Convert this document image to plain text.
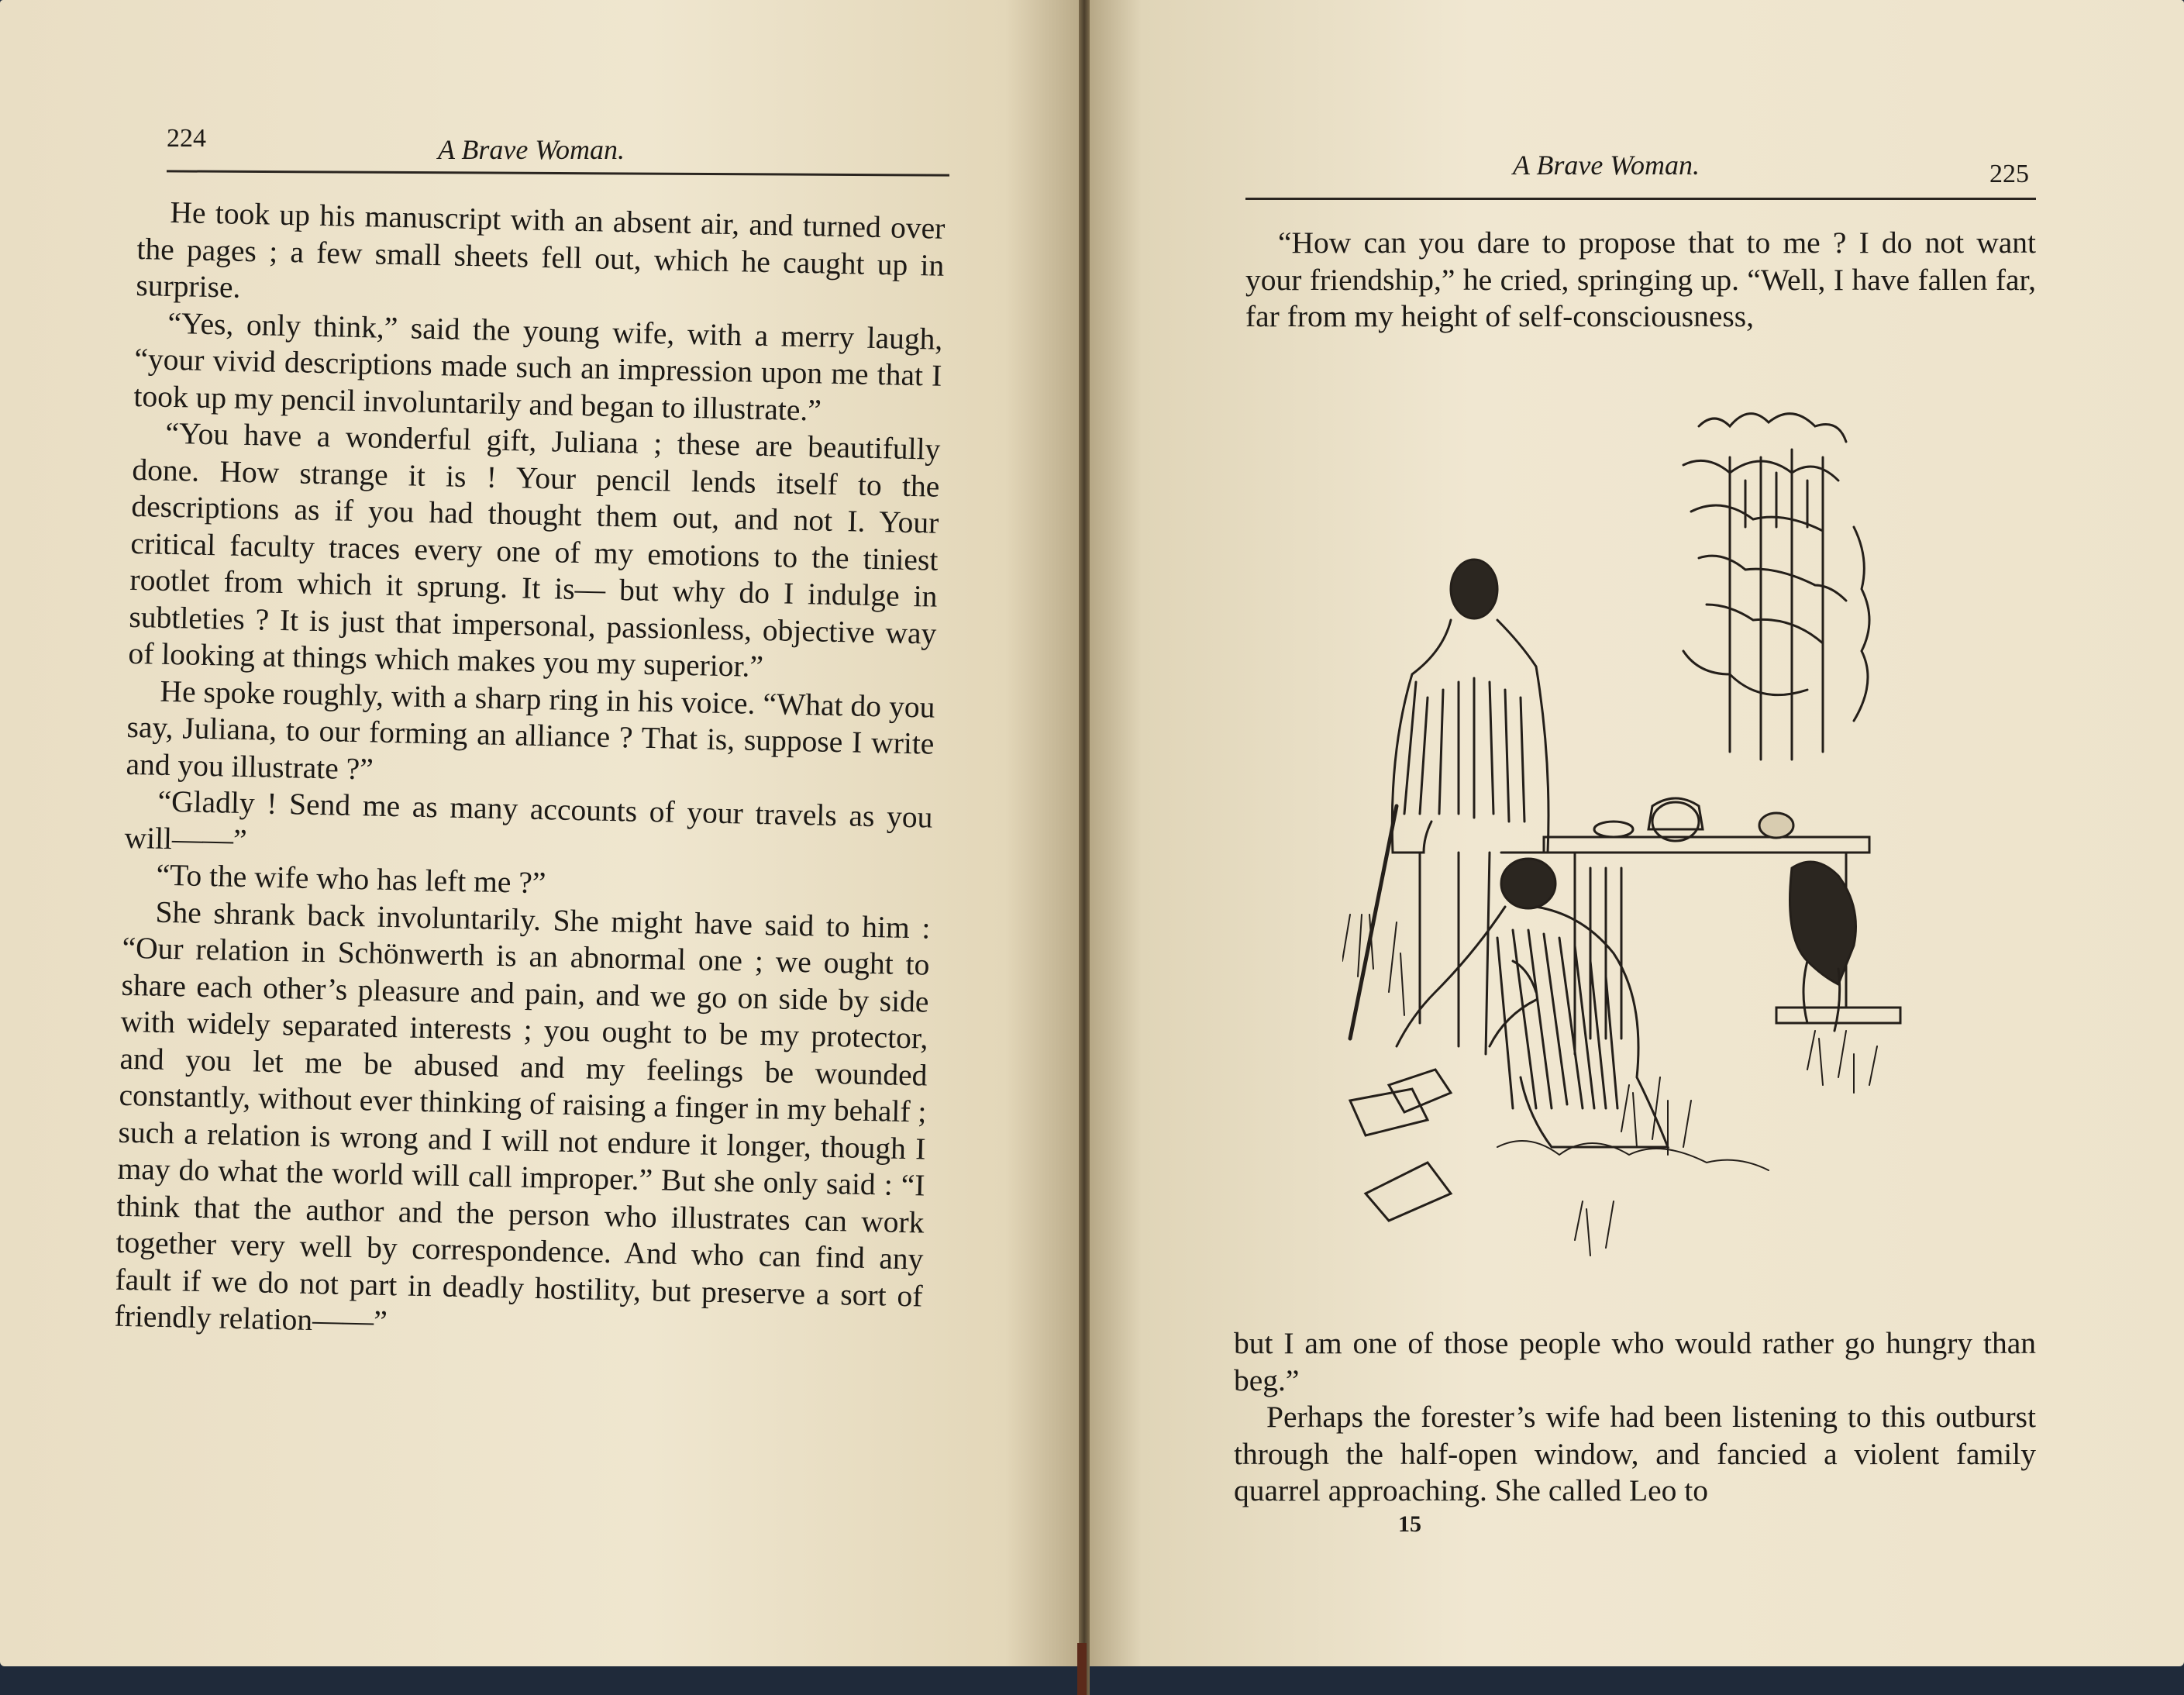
224	A Brave Woman.

He took up his manuscript with an absent air, and turned over the pages ; a few small sheets fell out, which he caught up in surprise.

“Yes, only think,” said the young wife, with a merry laugh, “your vivid descriptions made such an impression upon me that I took up my pencil involuntarily and began to illustrate.”

“You have a wonderful gift, Juliana ; these are beautifully done. How strange it is ! Your pencil lends itself to the descriptions as if you had thought them out, and not I. Your critical faculty traces every one of my emotions to the tiniest rootlet from which it sprung. It is— but why do I indulge in subtleties ? It is just that impersonal, passionless, objective way of looking at things which makes you my superior.”

He spoke roughly, with a sharp ring in his voice. “What do you say, Juliana, to our forming an alliance ? That is, suppose I write and you illustrate ?”

“Gladly ! Send me as many accounts of your travels as you will——”

“To the wife who has left me ?”

She shrank back involuntarily. She might have said to him : “Our relation in Schönwerth is an abnormal one ; we ought to share each other’s pleasure and pain, and we go on side by side with widely separated interests ; you ought to be my protector, and you let me be abused and my feelings be wounded constantly, without ever thinking of raising a finger in my behalf ; such a relation is wrong and I will not endure it longer, though I may do what the world will call improper.” But she only said : “I think that the author and the person who illustrates can work together very well by correspondence. And who can find any fault if we do not part in deadly hostility, but preserve a sort of friendly relation——”

A Brave Woman.	225

“How can you dare to propose that to me ? I do not want your friendship,” he cried, springing up. “Well, I have fallen far, far from my height of self-consciousness,

but I am one of those people who would rather go hungry than beg.”

Perhaps the forester’s wife had been listening to this outburst through the half-open window, and fancied a violent family quarrel approaching. She called Leo to

15
